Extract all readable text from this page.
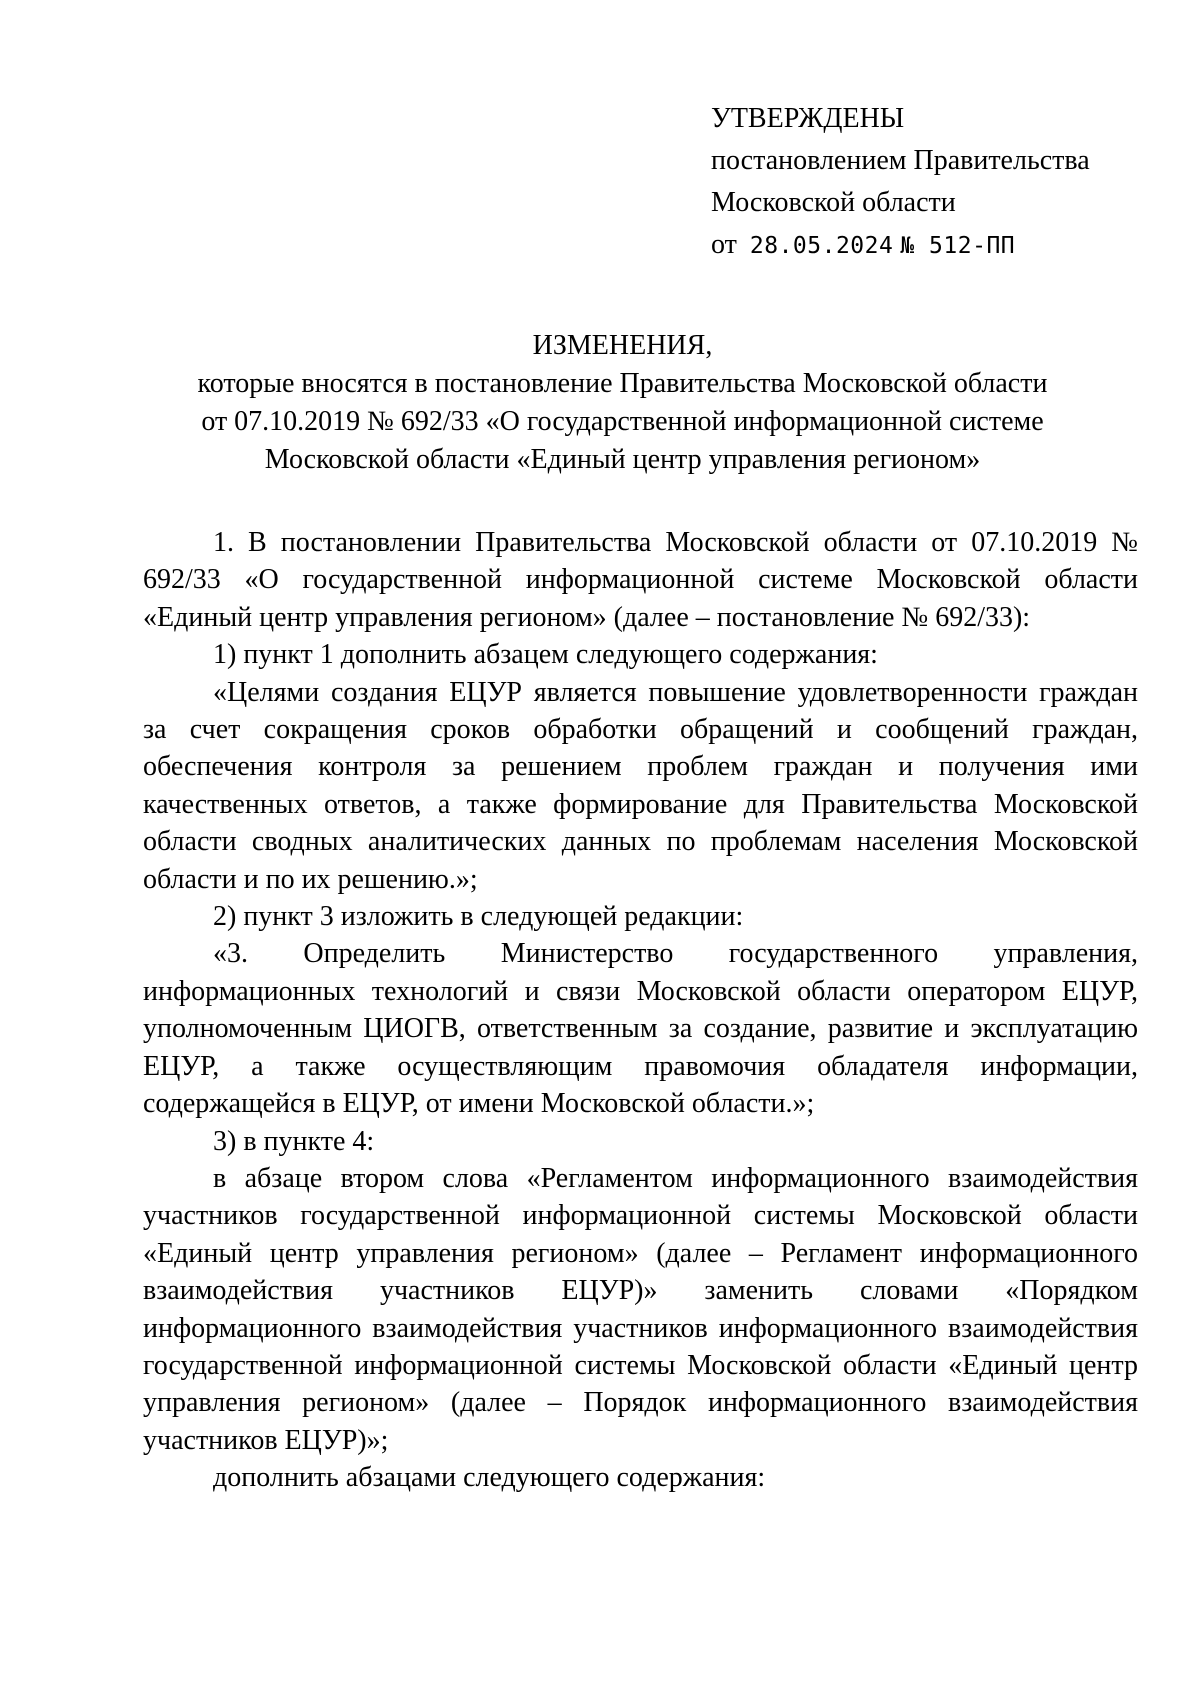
УТВЕРЖДЕНЫ
постановлением Правительства
Московской области
от 28.05.2024 № 512-ПП
ИЗМЕНЕНИЯ,
которые вносятся в постановление Правительства Московской области
от 07.10.2019 № 692/33 «О государственной информационной системе
Московской области «Единый центр управления регионом»

1. В постановлении Правительства Московской области от 07.10.2019 № 692/33 «О государственной информационной системе Московской области «Единый центр управления регионом» (далее – постановление № 692/33):

1) пункт 1 дополнить абзацем следующего содержания:

«Целями создания ЕЦУР является повышение удовлетворенности граждан за счет сокращения сроков обработки обращений и сообщений граждан, обеспечения контроля за решением проблем граждан и получения ими качественных ответов, а также формирование для Правительства Московской области сводных аналитических данных по проблемам населения Московской области и по их решению.»;

2) пункт 3 изложить в следующей редакции:

«3. Определить Министерство государственного управления, информационных технологий и связи Московской области оператором ЕЦУР, уполномоченным ЦИОГВ, ответственным за создание, развитие и эксплуатацию ЕЦУР, а также осуществляющим правомочия обладателя информации, содержащейся в ЕЦУР, от имени Московской области.»;

3) в пункте 4:

в абзаце втором слова «Регламентом информационного взаимодействия участников государственной информационной системы Московской области «Единый центр управления регионом» (далее – Регламент информационного взаимодействия участников ЕЦУР)» заменить словами «Порядком информационного взаимодействия участников информационного взаимодействия государственной информационной системы Московской области «Единый центр управления регионом» (далее – Порядок информационного взаимодействия участников ЕЦУР)»;

дополнить абзацами следующего содержания:
